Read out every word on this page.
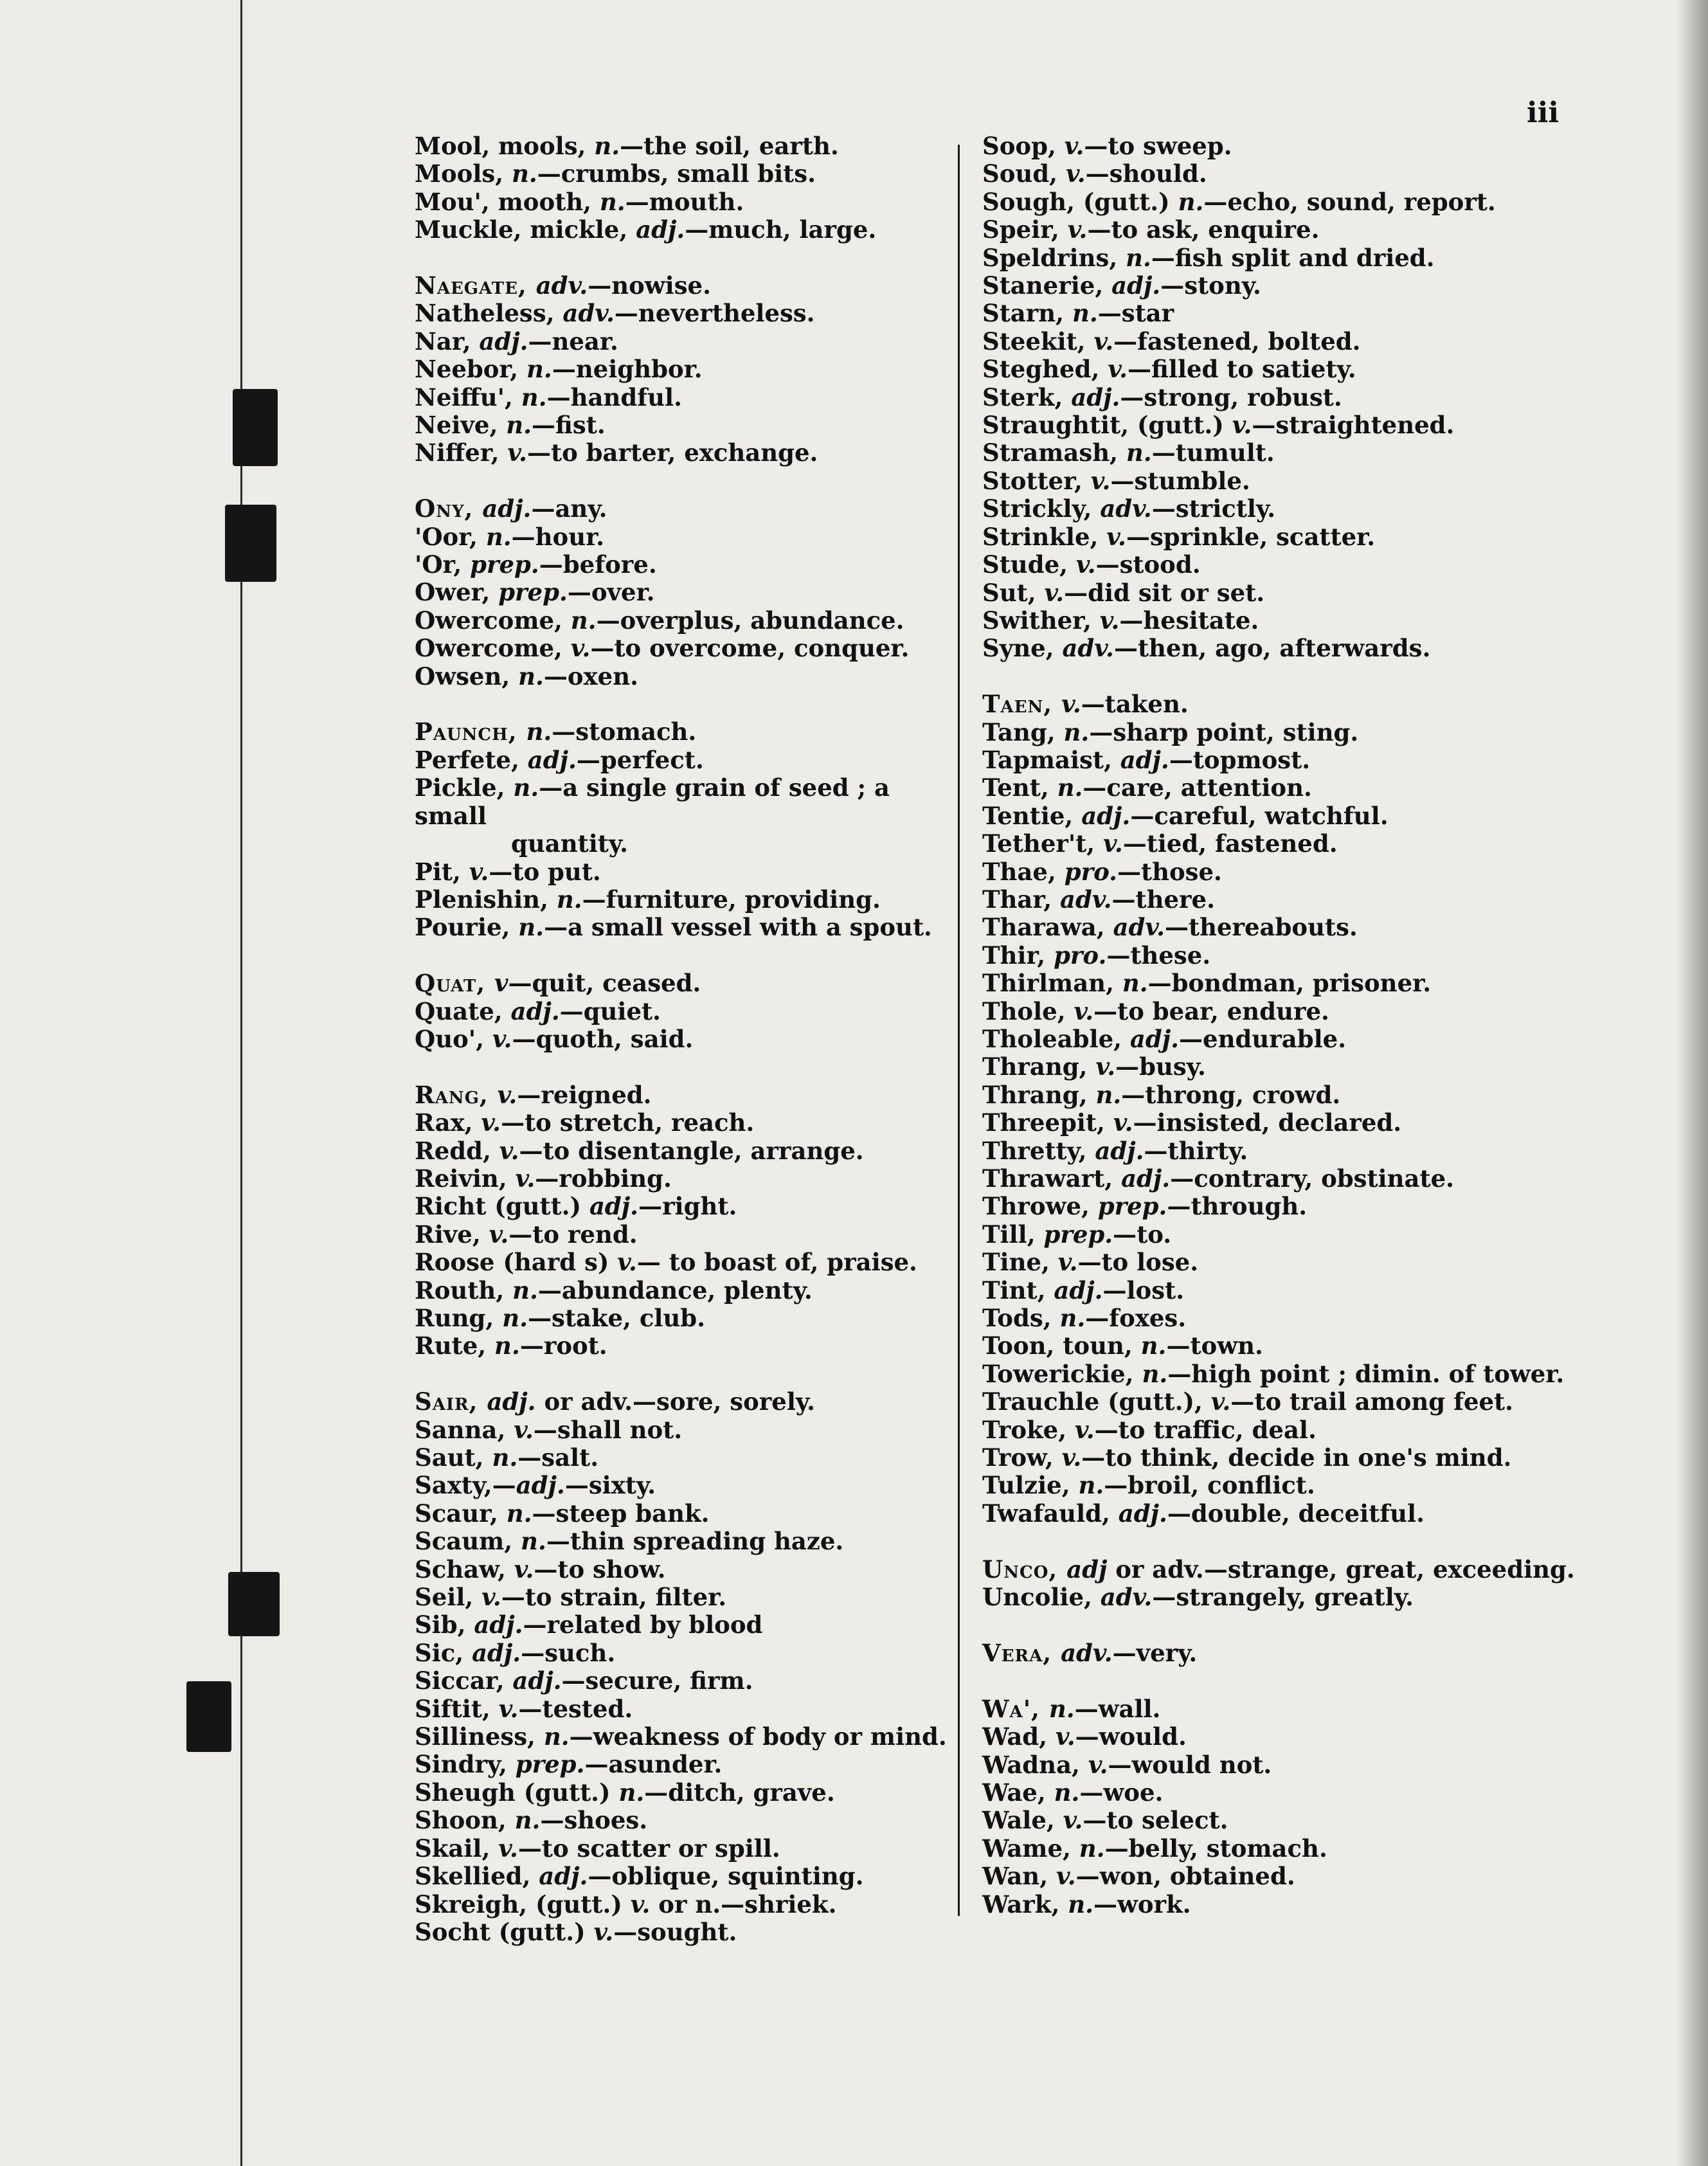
iii
Mool, mools, n.—the soil, earth.
Mools, n.—crumbs, small bits.
Mou', mooth, n.—mouth.
Muckle, mickle, adj.—much, large.
Naegate, adv.—nowise.
Natheless, adv.—nevertheless.
Nar, adj.—near.
Neebor, n.—neighbor.
Neiffu', n.—handful.
Neive, n.—fist.
Niffer, v.—to barter, exchange.
Ony, adj.—any.
'Oor, n.—hour.
'Or, prep.—before.
Ower, prep.—over.
Owercome, n.—overplus, abundance.
Owercome, v.—to overcome, conquer.
Owsen, n.—oxen.
Paunch, n.—stomach.
Perfete, adj.—perfect.
Pickle, n.—a single grain of seed ; a small
quantity.
Pit, v.—to put.
Plenishin, n.—furniture, providing.
Pourie, n.—a small vessel with a spout.
Quat, v—quit, ceased.
Quate, adj.—quiet.
Quo', v.—quoth, said.
Rang, v.—reigned.
Rax, v.—to stretch, reach.
Redd, v.—to disentangle, arrange.
Reivin, v.—robbing.
Richt (gutt.) adj.—right.
Rive, v.—to rend.
Roose (hard s) v.— to boast of, praise.
Routh, n.—abundance, plenty.
Rung, n.—stake, club.
Rute, n.—root.
Sair, adj. or adv.—sore, sorely.
Sanna, v.—shall not.
Saut, n.—salt.
Saxty,—adj.—sixty.
Scaur, n.—steep bank.
Scaum, n.—thin spreading haze.
Schaw, v.—to show.
Seil, v.—to strain, filter.
Sib, adj.—related by blood
Sic, adj.—such.
Siccar, adj.—secure, firm.
Siftit, v.—tested.
Silliness, n.—weakness of body or mind.
Sindry, prep.—asunder.
Sheugh (gutt.) n.—ditch, grave.
Shoon, n.—shoes.
Skail, v.—to scatter or spill.
Skellied, adj.—oblique, squinting.
Skreigh, (gutt.) v. or n.—shriek.
Socht (gutt.) v.—sought.
Soop, v.—to sweep.
Soud, v.—should.
Sough, (gutt.) n.—echo, sound, report.
Speir, v.—to ask, enquire.
Speldrins, n.—fish split and dried.
Stanerie, adj.—stony.
Starn, n.—star
Steekit, v.—fastened, bolted.
Steghed, v.—filled to satiety.
Sterk, adj.—strong, robust.
Straughtit, (gutt.) v.—straightened.
Stramash, n.—tumult.
Stotter, v.—stumble.
Strickly, adv.—strictly.
Strinkle, v.—sprinkle, scatter.
Stude, v.—stood.
Sut, v.—did sit or set.
Swither, v.—hesitate.
Syne, adv.—then, ago, afterwards.
Taen, v.—taken.
Tang, n.—sharp point, sting.
Tapmaist, adj.—topmost.
Tent, n.—care, attention.
Tentie, adj.—careful, watchful.
Tether't, v.—tied, fastened.
Thae, pro.—those.
Thar, adv.—there.
Tharawa, adv.—thereabouts.
Thir, pro.—these.
Thirlman, n.—bondman, prisoner.
Thole, v.—to bear, endure.
Tholeable, adj.—endurable.
Thrang, v.—busy.
Thrang, n.—throng, crowd.
Threepit, v.—insisted, declared.
Thretty, adj.—thirty.
Thrawart, adj.—contrary, obstinate.
Throwe, prep.—through.
Till, prep.—to.
Tine, v.—to lose.
Tint, adj.—lost.
Tods, n.—foxes.
Toon, toun, n.—town.
Towerickie, n.—high point ; dimin. of tower.
Trauchle (gutt.), v.—to trail among feet.
Troke, v.—to traffic, deal.
Trow, v.—to think, decide in one's mind.
Tulzie, n.—broil, conflict.
Twafauld, adj.—double, deceitful.
Unco, adj or adv.—strange, great, exceeding.
Uncolie, adv.—strangely, greatly.
Vera, adv.—very.
Wa', n.—wall.
Wad, v.—would.
Wadna, v.—would not.
Wae, n.—woe.
Wale, v.—to select.
Wame, n.—belly, stomach.
Wan, v.—won, obtained.
Wark, n.—work.
